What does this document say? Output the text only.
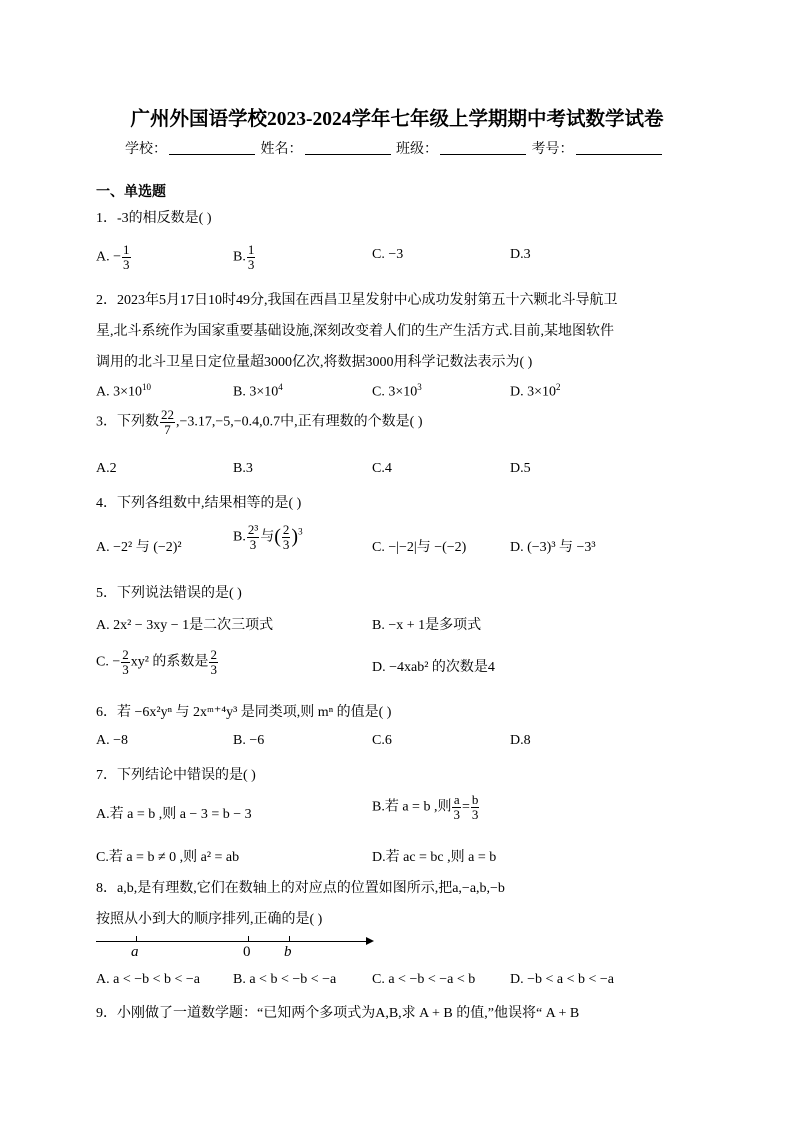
广州外国语学校2023-2024学年七年级上学期期中考试数学试卷
学校：	姓名：	班级：	考号：
一、单选题
1．-3的相反数是( )
A. − $\frac{1}{3}$	B. $\frac{1}{3}$	C. −3	D.3
2．2023年5月17日10时49分,我国在西昌卫星发射中心成功发射第五十六颗北斗导航卫
星,北斗系统作为国家重要基础设施,深刻改变着人们的生产生活方式.目前,某地图软件
调用的北斗卫星日定位量超3000亿次,将数据3000用科学记数法表示为( )
A. $3\times 10^{10}$	B. $3\times 10^4$	C. $3\times 10^3$	D. $3\times 10^2$
3．下列数 $\frac{22}{7} ,-3.17,-5,-0.4,0.7$中,正有理数的个数是( )
A.2	B.3	C.4	D.5
4．下列各组数中,结果相等的是( )
A. −2² 与 (−2)²
B. $\frac{\text{2³}}{3}$ 与( $\frac{2}{3} )^3$
C. −|−2|与 −(−2)	D. (−3)³ 与 −3³
5．下列说法错误的是( )
A. 2x² − 3xy − 1是二次三项式	B. −x + 1是多项式
C. − $\frac{2}{3} xy^2$ 的系数是 $\frac{2}{3}$	D. −4xab² 的次数是4
6．若 −6x²yⁿ 与 2xᵐ⁺⁴y³ 是同类项,则 mⁿ 的值是( )
A. −8	B. −6	C.6	D.8
7．下列结论中错误的是( )
A.若 a = b ,则 a − 3 = b − 3
B.若 a = b ,则 $\frac{a}{3} = \frac{b}{3}$
C.若 a = b ≠ 0 ,则 a² = ab	D.若 ac = bc ,则 a = b
8．a,b,是有理数,它们在数轴上的对应点的位置如图所示,把a,−a,b,−b
按照从小到大的顺序排列,正确的是( )
a	0 b
A. a < −b < b < −a B. a < b < −b < −a	C. a < −b < −a < b D. −b < a < b < −a
9．小刚做了一道数学题：“已知两个多项式为A,B,求 A + B 的值,”他误将“ A + B
